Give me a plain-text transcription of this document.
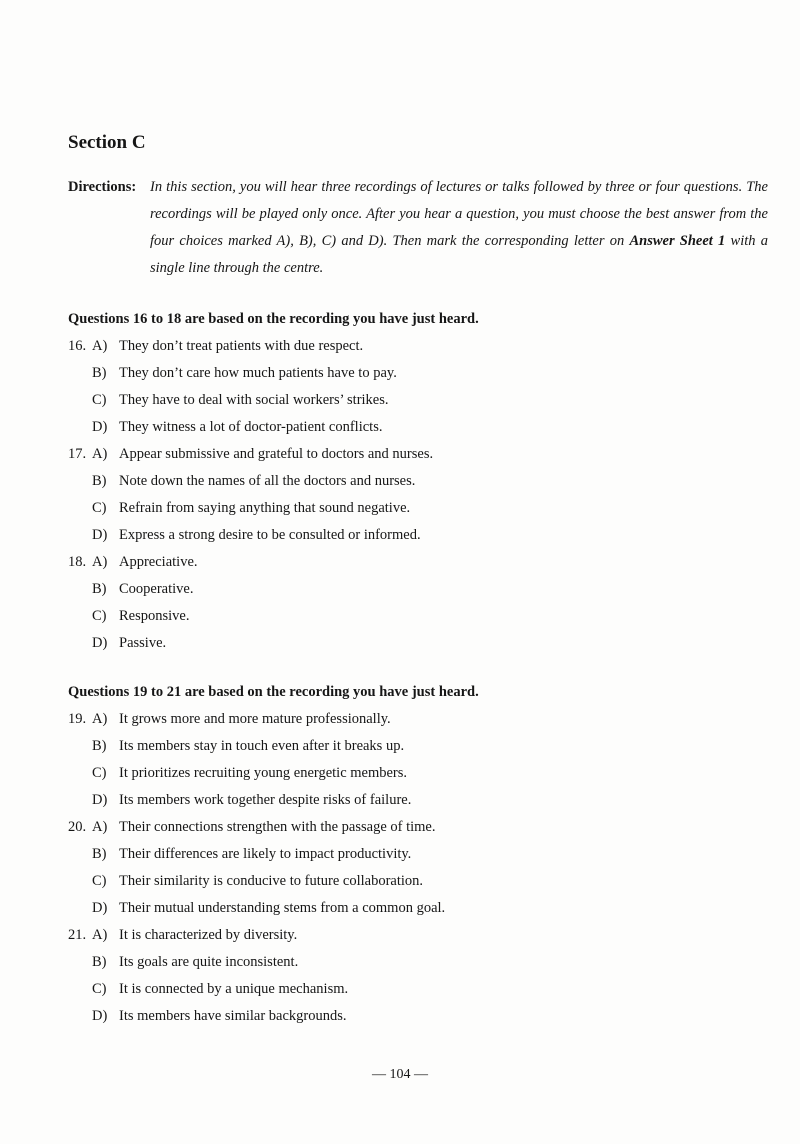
Section C
Directions: In this section, you will hear three recordings of lectures or talks followed by three or four questions. The recordings will be played only once. After you hear a question, you must choose the best answer from the four choices marked A), B), C) and D). Then mark the corresponding letter on Answer Sheet 1 with a single line through the centre.
Questions 16 to 18 are based on the recording you have just heard.
16. A) They don’t treat patients with due respect.
B) They don’t care how much patients have to pay.
C) They have to deal with social workers’ strikes.
D) They witness a lot of doctor-patient conflicts.
17. A) Appear submissive and grateful to doctors and nurses.
B) Note down the names of all the doctors and nurses.
C) Refrain from saying anything that sound negative.
D) Express a strong desire to be consulted or informed.
18. A) Appreciative.
B) Cooperative.
C) Responsive.
D) Passive.
Questions 19 to 21 are based on the recording you have just heard.
19. A) It grows more and more mature professionally.
B) Its members stay in touch even after it breaks up.
C) It prioritizes recruiting young energetic members.
D) Its members work together despite risks of failure.
20. A) Their connections strengthen with the passage of time.
B) Their differences are likely to impact productivity.
C) Their similarity is conducive to future collaboration.
D) Their mutual understanding stems from a common goal.
21. A) It is characterized by diversity.
B) Its goals are quite inconsistent.
C) It is connected by a unique mechanism.
D) Its members have similar backgrounds.
— 104 —
